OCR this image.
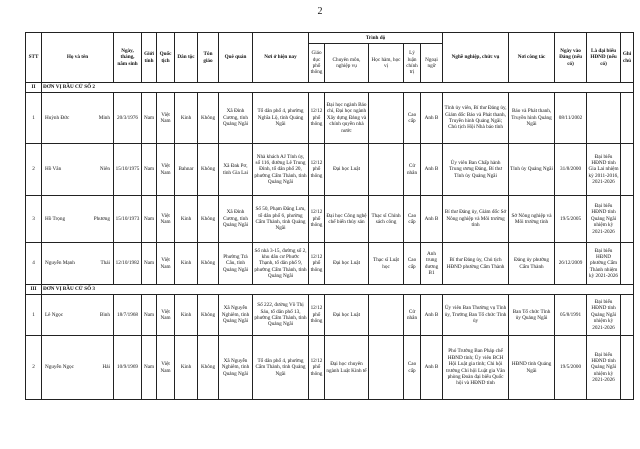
2
STT	Họ và tên	Ngày, tháng, năm sinh	Giới tính	Quốc tịch	Dân tộc	Tôn giáo	Quê quán	Nơi ở hiện nay	Trình độ					Nghề nghiệp, chức vụ	Nơi công tác	Ngày vào Đảng (nếu có)	Là đại biểu HĐND (nếu có)	Ghi chú
									Giáo dục phổ thông	Chuyên môn, nghiệp vụ	Học hàm, học vị	Lý luận chính trị	Ngoại ngữ					
II	ĐƠN VỊ BẦU CỬ SỐ 2																	
1	Huỳnh Đức Minh	20/3/1976	Nam	Việt Nam	Kinh	Không	Xã Đình Cương, tỉnh Quảng Ngãi	Tổ dân phố 4, phường Nghĩa Lộ, tỉnh Quảng Ngãi	12/12 phổ thông	Đại học ngành Báo chí, Đại học ngành Xây dựng Đảng và chính quyền nhà nước		Cao cấp	Anh B	Tỉnh ủy viên, Bí thư Đảng ủy, Giám đốc Báo và Phát thanh, Truyền hình Quảng Ngãi; Chủ tịch Hội Nhà báo tỉnh	Báo và Phát thanh, Truyền hình Quảng Ngãi	08/11/2002		
2	Hồ Văn Niên	15/10/1975	Nam	Việt Nam	Bahnar	Không	Xã Đak Pơ, tỉnh Gia Lai	Nhà khách AJ Tỉnh ủy, số 116, đường Lê Trung Đình, tổ dân phố 20, phường Cẩm Thành, tỉnh Quảng Ngãi	12/12 phổ thông	Đại học Luật		Cử nhân	Anh B	Ủy viên Ban Chấp hành Trung ương Đảng, Bí thư Tỉnh ủy Quảng Ngãi	Tỉnh ủy Quảng Ngãi	31/8/2000	Đại biểu HĐND tỉnh Gia Lai nhiệm kỳ 2011-2016, 2021-2026	
3	Hồ Trọng Phương	15/10/1973	Nam	Việt Nam	Kinh	Không	Xã Đình Cương, tỉnh Quảng Ngãi	Số 50, Phạm Đăng Lưu, tổ dân phố 6, phường Cẩm Thành, tỉnh Quảng Ngãi	12/12 phổ thông	Đại học Công nghệ chế biến thủy sản	Thạc sĩ Chính sách công	Cao cấp	Anh B	Bí thư Đảng ủy, Giám đốc Sở Nông nghiệp và Môi trường tỉnh	Sở Nông nghiệp và Môi trường tỉnh	19/5/2005	Đại biểu HĐND tỉnh Quảng Ngãi nhiệm kỳ 2021-2026	
4	Nguyễn Mạnh Thái	12/10/1982	Nam	Việt Nam	Kinh	Không	Phường Trà Câu, tỉnh Quảng Ngãi	Số nhà 3-15, đường số 2, khu dân cư Phước Thạnh, tổ dân phố 9, phường Cẩm Thành, tỉnh Quảng Ngãi	12/12 phổ thông	Đại học Luật	Thạc sĩ Luật học	Cao cấp	Anh trung đương B1	Bí thư Đảng ủy, Chủ tịch HĐND phường Cẩm Thành	Đảng ủy phường Cẩm Thành	26/12/2009	Đại biểu HĐND phường Cẩm Thành nhiệm kỳ 2021-2026	
III	ĐƠN VỊ BẦU CỬ SỐ 3																	
1	Lê Ngọc Bình	18/7/1968	Nam	Việt Nam	Kinh	Không	Xã Nguyễn Nghiêm, tỉnh Quảng Ngãi	Số 222, đường Võ Thị Sáu, tổ dân phố 13, phường Cẩm Thành, tỉnh Quảng Ngãi	12/12 phổ thông	Đại học Luật		Cử nhân	Anh B	Ủy viên Ban Thường vụ Tỉnh ủy, Trưởng Ban Tổ chức Tỉnh ủy	Ban Tổ chức Tỉnh ủy Quảng Ngãi	05/8/1991	Đại biểu HĐND tỉnh Quảng Ngãi nhiệm kỳ 2021-2026	
2	Nguyễn Ngọc Hải	10/9/1969	Nam	Việt Nam	Kinh	Không	Xã Nguyễn Nghiêm, tỉnh Quảng Ngãi	Tổ dân phố 4, phường Cẩm Thành, tỉnh Quảng Ngãi	12/12 phổ thông	Đại học chuyên ngành Luật Kinh tế		Cao cấp	Anh B	Phó Trưởng Ban Pháp chế HĐND tỉnh; Ủy viên BCH Hội Luật gia tỉnh; Chi hội trưởng Chi hội Luật gia Văn phòng Đoàn đại biểu Quốc hội và HĐND tỉnh	HĐND tỉnh Quảng Ngãi	19/5/2000	Đại biểu HĐND tỉnh Quảng Ngãi nhiệm kỳ 2021-2026	
